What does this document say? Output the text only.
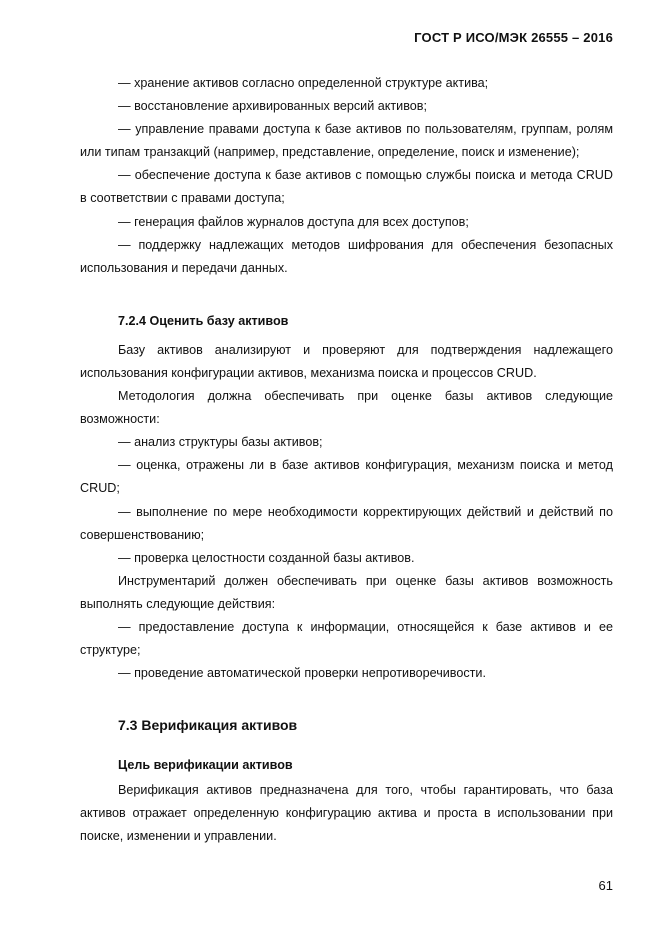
ГОСТ Р ИСО/МЭК 26555 – 2016

— хранение активов согласно определенной структуре актива;

— восстановление архивированных версий активов;

— управление правами доступа к базе активов по пользователям, группам, ролям или типам транзакций (например, представление, определение, поиск и изменение);

— обеспечение доступа к базе активов с помощью службы поиска и метода CRUD в соответствии с правами доступа;

— генерация файлов журналов доступа для всех доступов;

— поддержку надлежащих методов шифрования для обеспечения безопасных использования и передачи данных.

7.2.4 Оценить базу активов

Базу активов анализируют и проверяют для подтверждения надлежащего использования конфигурации активов, механизма поиска и процессов CRUD.

Методология должна обеспечивать при оценке базы активов следующие возможности:

— анализ структуры базы активов;

— оценка, отражены ли в базе активов конфигурация, механизм поиска и метод CRUD;

— выполнение по мере необходимости корректирующих действий и действий по совершенствованию;

— проверка целостности созданной базы активов.

Инструментарий должен обеспечивать при оценке базы активов возможность выполнять следующие действия:

— предоставление доступа к информации, относящейся к базе активов и ее структуре;

— проведение автоматической проверки непротиворечивости.

7.3 Верификация активов
Цель верификации активов

Верификация активов предназначена для того, чтобы гарантировать, что база активов отражает определенную конфигурацию актива и проста в использовании при поиске, изменении и управлении.

61
